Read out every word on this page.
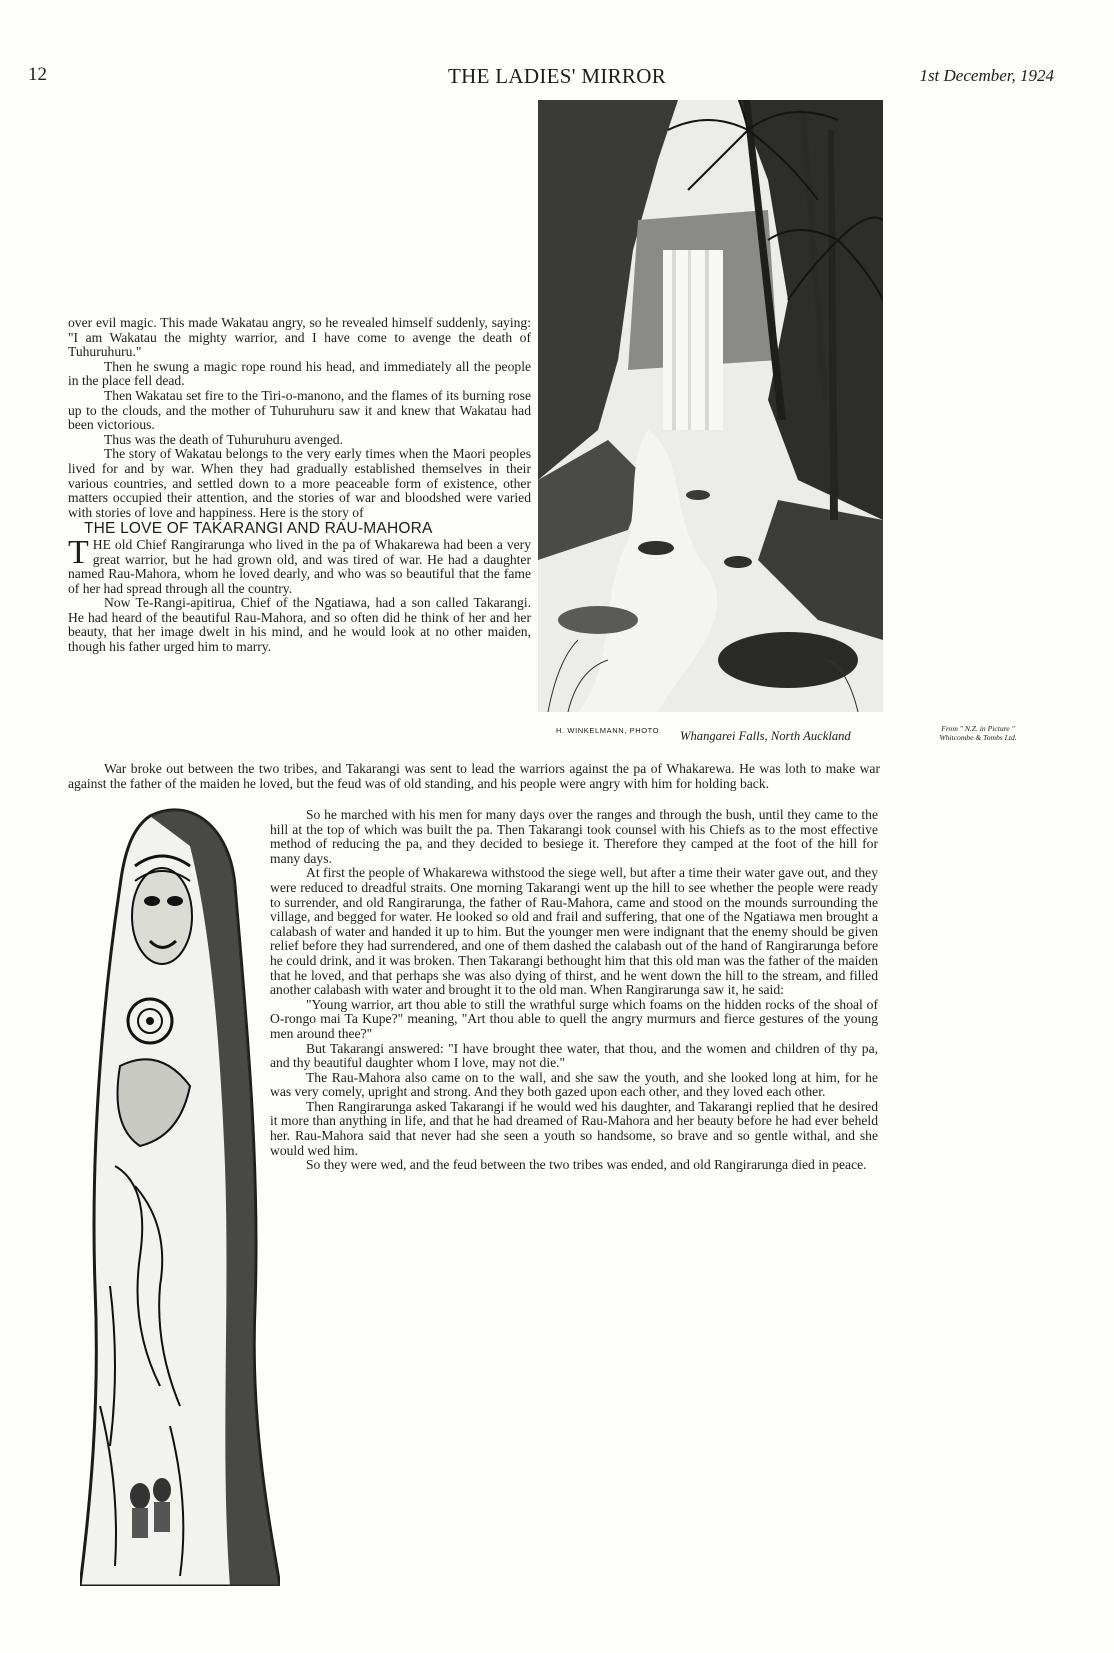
12	THE LADIES' MIRROR	1st December, 1924
H. WINKELMANN, PHOTO Whangarei Falls, North Auckland
From " N.Z. in Picture "
Whitcombe & Tombs Ltd.

over evil magic. This made Wakatau angry, so he revealed himself suddenly, saying: "I am Wakatau the mighty warrior, and I have come to avenge the death of Tuhuruhuru."

Then he swung a magic rope round his head, and immediately all the people in the place fell dead.

Then Wakatau set fire to the Tiri-o-manono, and the flames of its burning rose up to the clouds, and the mother of Tuhuruhuru saw it and knew that Wakatau had been victorious.

Thus was the death of Tuhuruhuru avenged.

The story of Wakatau belongs to the very early times when the Maori peoples lived for and by war. When they had gradually established themselves in their various countries, and settled down to a more peaceable form of existence, other matters occupied their attention, and the stories of war and bloodshed were varied with stories of love and happiness. Here is the story of

THE LOVE OF TAKARANGI AND RAU-MAHORA

THE old Chief Rangirarunga who lived in the pa of Whakarewa had been a very great warrior, but he had grown old, and was tired of war. He had a daughter named Rau-Mahora, whom he loved dearly, and who was so beautiful that the fame of her had spread through all the country.

Now Te-Rangi-apitirua, Chief of the Ngatiawa, had a son called Takarangi. He had heard of the beautiful Rau-Mahora, and so often did he think of her and her beauty, that her image dwelt in his mind, and he would look at no other maiden, though his father urged him to marry.

War broke out between the two tribes, and Takarangi was sent to lead the warriors against the pa of Whakarewa. He was loth to make war against the father of the maiden he loved, but the feud was of old standing, and his people were angry with him for holding back.

So he marched with his men for many days over the ranges and through the bush, until they came to the hill at the top of which was built the pa. Then Takarangi took counsel with his Chiefs as to the most effective method of reducing the pa, and they decided to besiege it. Therefore they camped at the foot of the hill for many days.

At first the people of Whakarewa withstood the siege well, but after a time their water gave out, and they were reduced to dreadful straits. One morning Takarangi went up the hill to see whether the people were ready to surrender, and old Rangirarunga, the father of Rau-Mahora, came and stood on the mounds surrounding the village, and begged for water. He looked so old and frail and suffering, that one of the Ngatiawa men brought a calabash of water and handed it up to him. But the younger men were indignant that the enemy should be given relief before they had surrendered, and one of them dashed the calabash out of the hand of Rangirarunga before he could drink, and it was broken. Then Takarangi bethought him that this old man was the father of the maiden that he loved, and that perhaps she was also dying of thirst, and he went down the hill to the stream, and filled another calabash with water and brought it to the old man. When Rangirarunga saw it, he said:

"Young warrior, art thou able to still the wrathful surge which foams on the hidden rocks of the shoal of O-rongo mai Ta Kupe?" meaning, "Art thou able to quell the angry murmurs and fierce gestures of the young men around thee?"

But Takarangi answered: "I have brought thee water, that thou, and the women and children of thy pa, and thy beautiful daughter whom I love, may not die."

The Rau-Mahora also came on to the wall, and she saw the youth, and she looked long at him, for he was very comely, upright and strong. And they both gazed upon each other, and they loved each other.

Then Rangirarunga asked Takarangi if he would wed his daughter, and Takarangi replied that he desired it more than anything in life, and that he had dreamed of Rau-Mahora and her beauty before he had ever beheld her. Rau-Mahora said that never had she seen a youth so handsome, so brave and so gentle withal, and she would wed him.

So they were wed, and the feud between the two tribes was ended, and old Rangirarunga died in peace.
